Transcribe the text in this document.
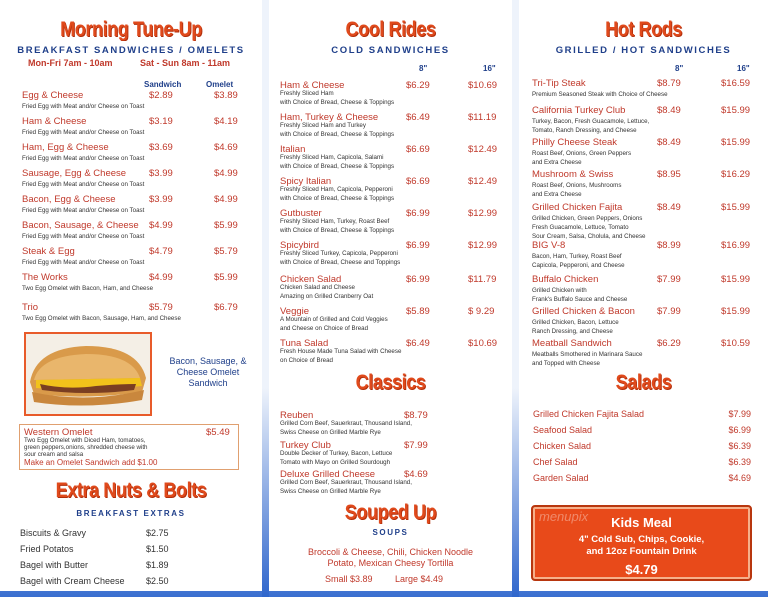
Morning Tune-Up
BREAKFAST SANDWICHES / OMELETS
Mon-Fri 7am - 10am	Sat - Sun 8am - 11am
Sandwich	Omelet
Egg & Cheese	$2.89	$3.89
Fried Egg with Meat and/or Cheese on Toast
Ham & Cheese	$3.19	$4.19
Fried Egg with Meat and/or Cheese on Toast
Ham, Egg & Cheese	$3.69	$4.69
Fried Egg with Meat and/or Cheese on Toast
Sausage, Egg & Cheese $3.99	$4.99
Fried Egg with Meat and/or Cheese on Toast
Bacon, Egg & Cheese	$3.99	$4.99
Fried Egg with Meat and/or Cheese on Toast
Bacon, Sausage, & Cheese $4.99	$5.99
Fried Egg with Meat and/or Cheese on Toast
Steak & Egg	$4.79	$5.79
Fried Egg with Meat and/or Cheese on Toast
The Works	$4.99	$5.99
Two Egg Omelet with Bacon, Ham, and Cheese
Trio	$5.79	$6.79
Two Egg Omelet with Bacon, Sausage, Ham, and Cheese
Bacon, Sausage, & Cheese Omelet Sandwich
Western Omelet	$5.49
Two Egg Omelet with Diced Ham, tomatoes,
green peppers,onions, shredded cheese with
sour cream and salsa
Make an Omelet Sandwich add $1.00
Extra Nuts & Bolts
BREAKFAST EXTRAS
Biscuits & Gravy	$2.75
Fried Potatos	$1.50
Bagel with Butter	$1.89
Bagel with Cream Cheese $2.50
Cool Rides
COLD SANDWICHES
8"	16"
Ham & Cheese	$6.29	$10.69
Freshly Sliced Ham
with Choice of Bread, Cheese & Toppings
Ham, Turkey & Cheese	$6.49	$11.19
Freshly Sliced Ham and Turkey
with Choice of Bread, Cheese & Toppings
Italian	$6.69	$12.49
Freshly Sliced Ham, Capicola, Salami
with Choice of Bread, Cheese & Toppings
Spicy Italian	$6.69	$12.49
Freshly Sliced Ham, Capicola, Pepperoni
with Choice of Bread, Cheese & Toppings
Gutbuster	$6.99	$12.99
Freshly Sliced Ham, Turkey, Roast Beef
with Choice of Bread, Cheese & Toppings
Spicybird	$6.99	$12.99
Freshly Sliced Turkey, Capicola, Pepperoni
with Choice of Bread, Cheese and Toppings
Chicken Salad	$6.99	$11.79
Chicken Salad and Cheese
Amazing on Grilled Cranberry Oat
Veggie	$5.89	$ 9.29
A Mountain of Grilled and Cold Veggies
and Cheese on Choice of Bread
Tuna Salad	$6.49	$10.69
Fresh House Made Tuna Salad with Cheese
on Choice of Bread
Classics
Reuben	$8.79
Grilled Corn Beef, Sauerkraut, Thousand Island,
Swiss Cheese on Grilled Marble Rye
Turkey Club	$7.99
Double Decker of Turkey, Bacon, Lettuce
Tomato with Mayo on Grilled Sourdough
Deluxe Grilled Cheese	$4.69
Grilled Corn Beef, Sauerkraut, Thousand Island,
Swiss Cheese on Grilled Marble Rye
Souped Up
SOUPS
Broccoli & Cheese, Chili, Chicken Noodle
Potato, Mexican Cheesy Tortilla
Small $3.89 Large $4.49
Hot Rods
GRILLED / HOT SANDWICHES
8"	16"
Tri-Tip Steak	$8.79	$16.59
Premium Seasoned Steak with Choice of Cheese
California Turkey Club	$8.49	$15.99
Turkey, Bacon, Fresh Guacamole, Lettuce,
Tomato, Ranch Dressing, and Cheese
Philly Cheese Steak	$8.49	$15.99
Roast Beef, Onions, Green Peppers
and Extra Cheese
Mushroom & Swiss	$8.95	$16.29
Roast Beef, Onions, Mushrooms
and Extra Cheese
Grilled Chicken Fajita	$8.49	$15.99
Grilled Chicken, Green Peppers, Onions
Fresh Guacamole, Lettuce, Tomato
Sour Cream, Salsa, Cholula, and Cheese
BIG V-8	$8.99	$16.99
Bacon, Ham, Turkey, Roast Beef
Capicola, Pepperoni, and Cheese
Buffalo Chicken	$7.99	$15.99
Grilled Chicken with
Frank's Buffalo Sauce and Cheese
Grilled Chicken & Bacon $7.99	$15.99
Grilled Chicken, Bacon, Lettuce
Ranch Dressing, and Cheese
Meatball Sandwich	$6.29	$10.59
Meatballs Smothered in Marinara Sauce
and Topped with Cheese
Salads
Grilled Chicken Fajita Salad	$7.99
Seafood Salad	$6.99
Chicken Salad	$6.39
Chef Salad	$6.39
Garden Salad	$4.69
menupix	Kids Meal
4" Cold Sub, Chips, Cookie,
and 12oz Fountain Drink
$4.79
